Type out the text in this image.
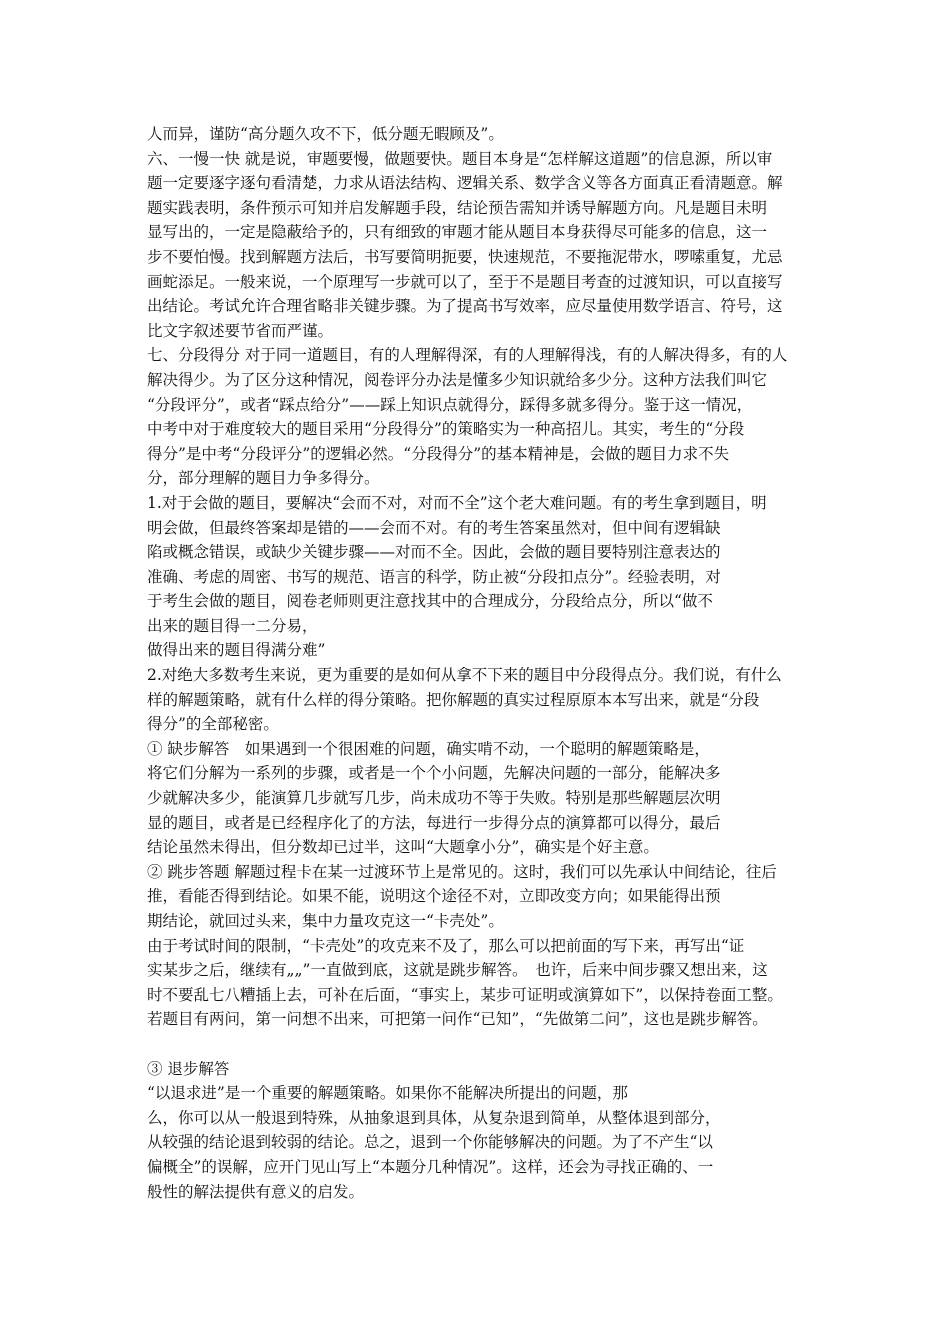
人而异，谨防“高分题久攻不下，低分题无暇顾及”。
六、一慢一快 就是说，审题要慢，做题要快。题目本身是“怎样解这道题”的信息源，所以审
题一定要逐字逐句看清楚，力求从语法结构、逻辑关系、数学含义等各方面真正看清题意。解
题实践表明，条件预示可知并启发解题手段，结论预告需知并诱导解题方向。凡是题目未明
显写出的，一定是隐蔽给予的，只有细致的审题才能从题目本身获得尽可能多的信息，这一
步不要怕慢。找到解题方法后，书写要简明扼要，快速规范，不要拖泥带水，啰嗦重复，尤忌
画蛇添足。一般来说，一个原理写一步就可以了，至于不是题目考查的过渡知识，可以直接写
出结论。考试允许合理省略非关键步骤。为了提高书写效率，应尽量使用数学语言、符号，这
比文字叙述要节省而严谨。
七、分段得分 对于同一道题目，有的人理解得深，有的人理解得浅，有的人解决得多，有的人
解决得少。为了区分这种情况，阅卷评分办法是懂多少知识就给多少分。这种方法我们叫它
“分段评分”，或者“踩点给分”——踩上知识点就得分，踩得多就多得分。鉴于这一情况，
中考中对于难度较大的题目采用“分段得分”的策略实为一种高招儿。其实，考生的“分段
得分”是中考“分段评分”的逻辑必然。“分段得分”的基本精神是，会做的题目力求不失
分，部分理解的题目力争多得分。
1.对于会做的题目，要解决“会而不对，对而不全”这个老大难问题。有的考生拿到题目，明
明会做，但最终答案却是错的——会而不对。有的考生答案虽然对，但中间有逻辑缺
陷或概念错误，或缺少关键步骤——对而不全。因此，会做的题目要特别注意表达的
准确、考虑的周密、书写的规范、语言的科学，防止被“分段扣点分”。经验表明，对
于考生会做的题目，阅卷老师则更注意找其中的合理成分，分段给点分，所以“做不
出来的题目得一二分易，
做得出来的题目得满分难”
2.对绝大多数考生来说，更为重要的是如何从拿不下来的题目中分段得点分。我们说，有什么
样的解题策略，就有什么样的得分策略。把你解题的真实过程原原本本写出来，就是“分段
得分”的全部秘密。
① 缺步解答　如果遇到一个很困难的问题，确实啃不动，一个聪明的解题策略是，
将它们分解为一系列的步骤，或者是一个个小问题，先解决问题的一部分，能解决多
少就解决多少，能演算几步就写几步，尚未成功不等于失败。特别是那些解题层次明
显的题目，或者是已经程序化了的方法，每进行一步得分点的演算都可以得分，最后
结论虽然未得出，但分数却已过半，这叫“大题拿小分”，确实是个好主意。
② 跳步答题 解题过程卡在某一过渡环节上是常见的。这时，我们可以先承认中间结论，往后
推，看能否得到结论。如果不能，说明这个途径不对，立即改变方向；如果能得出预
期结论，就回过头来，集中力量攻克这一“卡壳处”。
由于考试时间的限制，“卡壳处”的攻克来不及了，那么可以把前面的写下来，再写出“证
实某步之后，继续有„„”一直做到底，这就是跳步解答。　也许，后来中间步骤又想出来，这
时不要乱七八糟插上去，可补在后面，“事实上，某步可证明或演算如下”，以保持卷面工整。
若题目有两问，第一问想不出来，可把第一问作“已知”，“先做第二问”，这也是跳步解答。
③ 退步解答
“以退求进”是一个重要的解题策略。如果你不能解决所提出的问题，那
么，你可以从一般退到特殊，从抽象退到具体，从复杂退到简单，从整体退到部分，
从较强的结论退到较弱的结论。总之，退到一个你能够解决的问题。为了不产生“以
偏概全”的误解，应开门见山写上“本题分几种情况”。这样，还会为寻找正确的、一
般性的解法提供有意义的启发。
